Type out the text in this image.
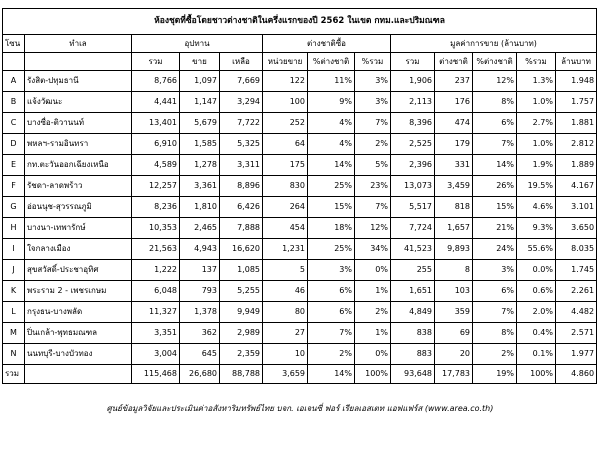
ห้องชุดที่ซื้อโดยชาวต่างชาติในครึ่งแรกของปี 2562 ในเขต กทม.และปริมณฑล												
โซน	ทำเล	อุปทาน			ต่างชาติซื้อ			มูลค่าการขาย (ล้านบาท)				
		รวม	ขาย	เหลือ	หน่วยขาย	%ต่างชาติ	%รวม	รวม	ต่างชาติ	%ต่างชาติ	%รวม	ล้านบาท
A	รังสิต-ปทุมธานี	8,766	1,097	7,669	122	11%	3%	1,906	237	12%	1.3%	1.948
B	แจ้งวัฒนะ	4,441	1,147	3,294	100	9%	3%	2,113	176	8%	1.0%	1.757
C	บางซื่อ-ติวานนท์	13,401	5,679	7,722	252	4%	7%	8,396	474	6%	2.7%	1.881
D	พหลฯ-รามอินทรา	6,910	1,585	5,325	64	4%	2%	2,525	179	7%	1.0%	2.812
E	กท.ตะวันออกเฉียงเหนือ	4,589	1,278	3,311	175	14%	5%	2,396	331	14%	1.9%	1.889
F	รัชดา-ลาดพร้าว	12,257	3,361	8,896	830	25%	23%	13,073	3,459	26%	19.5%	4.167
G	อ่อนนุช-สุวรรณภูมิ	8,236	1,810	6,426	264	15%	7%	5,517	818	15%	4.6%	3.101
H	บางนา-เทพารักษ์	10,353	2,465	7,888	454	18%	12%	7,724	1,657	21%	9.3%	3.650
I	ใจกลางเมือง	21,563	4,943	16,620	1,231	25%	34%	41,523	9,893	24%	55.6%	8.035
J	สุขสวัสดิ์-ประชาอุทิศ	1,222	137	1,085	5	3%	0%	255	8	3%	0.0%	1.745
K	พระราม 2 - เพชรเกษม	6,048	793	5,255	46	6%	1%	1,651	103	6%	0.6%	2.261
L	กรุงธน-บางพลัด	11,327	1,378	9,949	80	6%	2%	4,849	359	7%	2.0%	4.482
M	ปิ่นเกล้า-พุทธมณฑล	3,351	362	2,989	27	7%	1%	838	69	8%	0.4%	2.571
N	นนทบุรี-บางบัวทอง	3,004	645	2,359	10	2%	0%	883	20	2%	0.1%	1.977
รวม		115,468	26,680	88,788	3,659	14%	100%	93,648	17,783	19%	100%	4.860
ศูนย์ข้อมูลวิจัยและประเมินค่าอสังหาริมทรัพย์ไทย บจก. เอเจนซี่ ฟอร์ เรียลเอสเตท แอฟแฟร์ส (www.area.co.th)
